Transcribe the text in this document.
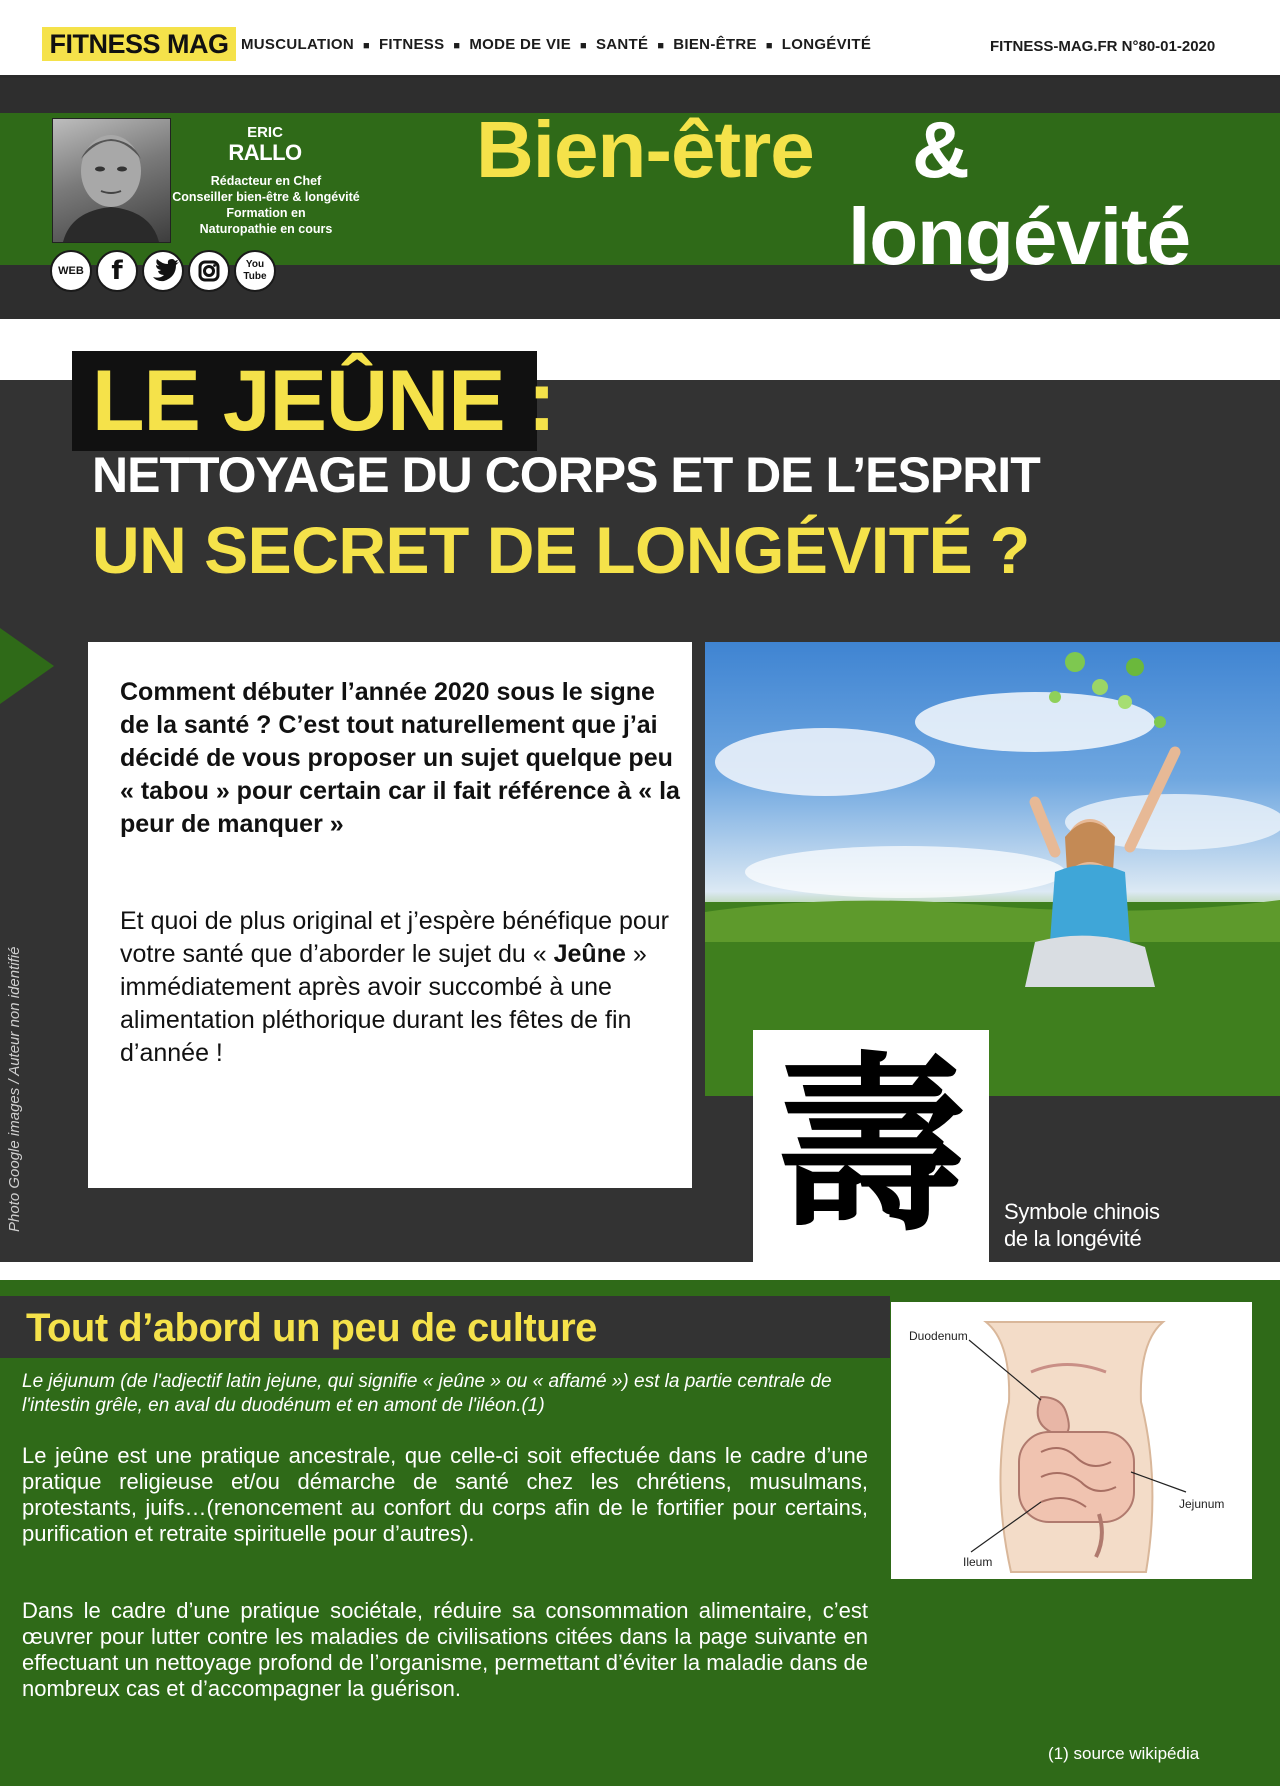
FITNESS MAG MUSCULATION ■ FITNESS ■ MODE DE VIE ■ SANTÉ ■ BIEN-ÊTRE ■ LONGÉVITÉ	FITNESS-MAG.FR N°80-01-2020
ERIC
RALLO
Rédacteur en Chef
Conseiller bien-être & longévité
Formation en
Naturopathie en cours
WEB	f	You Tube
Bien-être &
longévité
LE JEÛNE :
NETTOYAGE DU CORPS ET DE L’ESPRIT
UN SECRET DE LONGÉVITÉ ?
Photo Google images / Auteur non identifié
Comment débuter l’année 2020 sous le signe de la santé ? C’est tout naturellement que j’ai décidé de vous proposer un sujet quelque peu « tabou » pour certain car il fait référence à « la peur de manquer »
Et quoi de plus original et j’espère bénéfique pour votre santé que d’aborder le sujet du « Jeûne » immédiatement après avoir succombé à une alimentation pléthorique durant les fêtes de fin d’année !	壽	Symbole chinois
de la longévité
Tout d’abord un peu de culture	Duodenum
Jejunum
Ileum
Le jéjunum (de l'adjectif latin jejune, qui signifie « jeûne » ou « affamé ») est la partie centrale de l'intestin grêle, en aval du duodénum et en amont de l'iléon.(1)
Le jeûne est une pratique ancestrale, que celle-ci soit effectuée dans le cadre d’une pratique religieuse et/ou démarche de santé chez les chrétiens, musulmans, protestants, juifs…(renoncement au confort du corps afin de le fortifier pour certains, purification et retraite spirituelle pour d’autres).
Dans le cadre d’une pratique sociétale, réduire sa consommation alimentaire, c’est œuvrer pour lutter contre les maladies de civilisations citées dans la page suivante en effectuant un nettoyage profond de l’organisme, permettant d’éviter la maladie dans de nombreux cas et d’accompagner la guérison.
(1) source wikipédia
